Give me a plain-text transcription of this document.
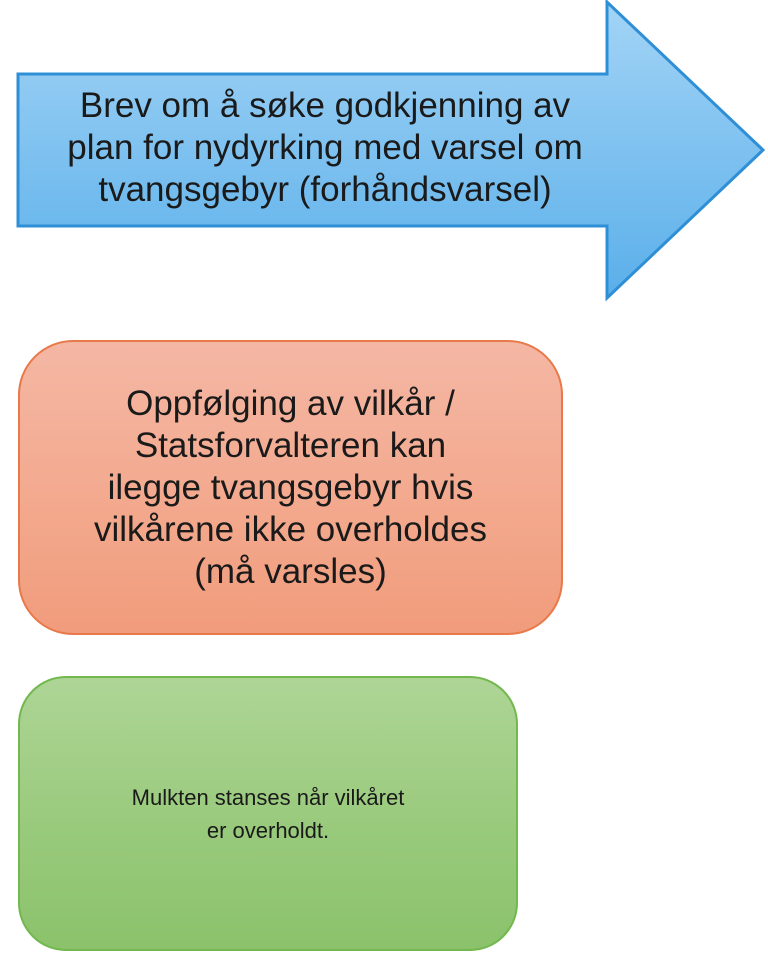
Brev om å søke godkjenning av
plan for nydyrking med varsel om
tvangsgebyr (forhåndsvarsel)
Oppfølging av vilkår /
Statsforvalteren kan
ilegge tvangsgebyr hvis
vilkårene ikke overholdes
(må varsles)
Mulkten stanses når vilkåret
er overholdt.
